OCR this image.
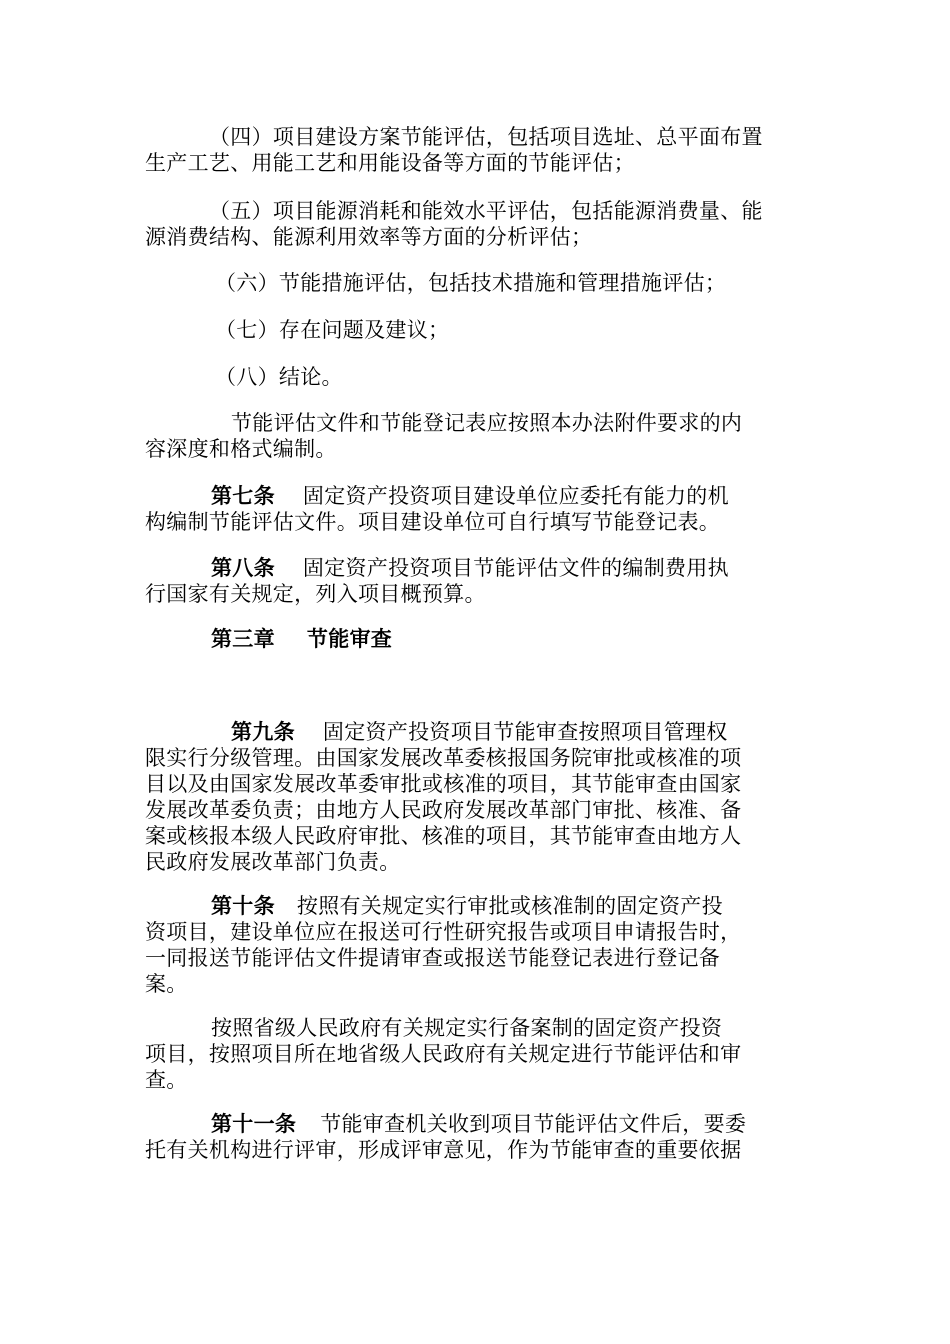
（四）项目建设方案节能评估，包括项目选址、总平面布置
生产工艺、用能工艺和用能设备等方面的节能评估；
（五）项目能源消耗和能效水平评估，包括能源消费量、能
源消费结构、能源利用效率等方面的分析评估；
（六）节能措施评估，包括技术措施和管理措施评估；
（七）存在问题及建议；
（八）结论。
节能评估文件和节能登记表应按照本办法附件要求的内
容深度和格式编制。
第七条 固定资产投资项目建设单位应委托有能力的机
构编制节能评估文件。项目建设单位可自行填写节能登记表。
第八条 固定资产投资项目节能评估文件的编制费用执
行国家有关规定，列入项目概预算。
第三章 节能审查
第九条 固定资产投资项目节能审查按照项目管理权
限实行分级管理。由国家发展改革委核报国务院审批或核准的项
目以及由国家发展改革委审批或核准的项目，其节能审查由国家
发展改革委负责；由地方人民政府发展改革部门审批、核准、备
案或核报本级人民政府审批、核准的项目，其节能审查由地方人
民政府发展改革部门负责。
第十条 按照有关规定实行审批或核准制的固定资产投
资项目，建设单位应在报送可行性研究报告或项目申请报告时，
一同报送节能评估文件提请审查或报送节能登记表进行登记备
案。
按照省级人民政府有关规定实行备案制的固定资产投资
项目，按照项目所在地省级人民政府有关规定进行节能评估和审
查。
第十一条 节能审查机关收到项目节能评估文件后，要委
托有关机构进行评审，形成评审意见，作为节能审查的重要依据
